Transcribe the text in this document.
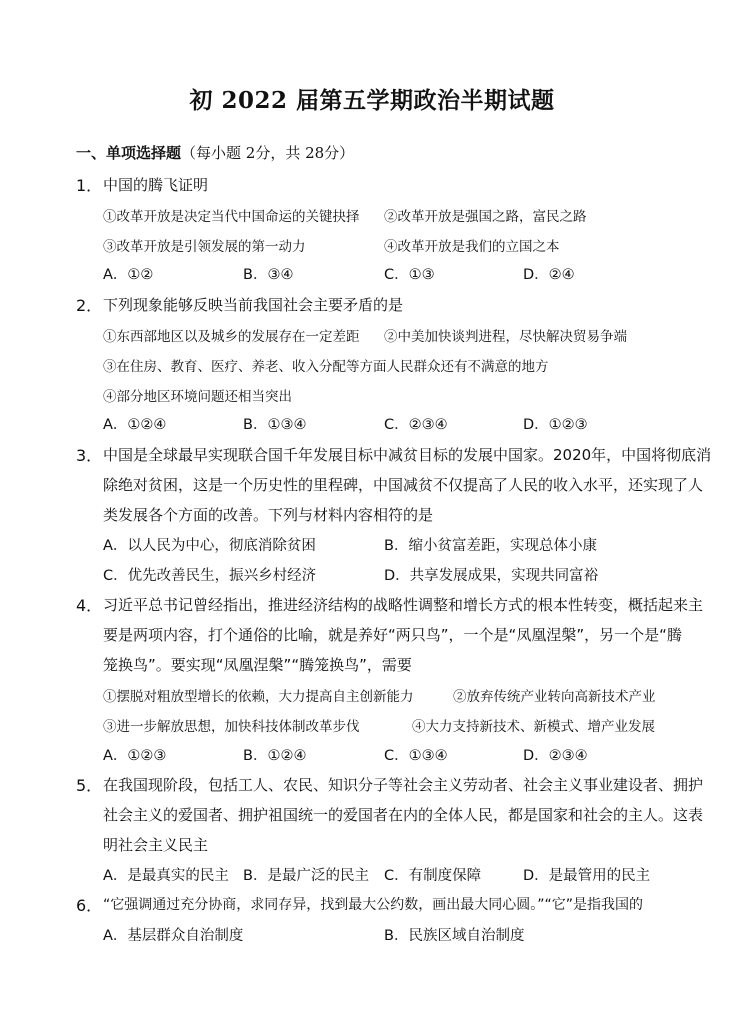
初 2022 届第五学期政治半期试题
一、单项选择题（每小题 2分，共 28分）
1． 中国的腾飞证明
①改革开放是决定当代中国命运的关键抉择 ②改革开放是强国之路，富民之路
③改革开放是引领发展的第一动力	④改革开放是我们的立国之本
A．①②	B．③④	C．①③	D．②④
2． 下列现象能够反映当前我国社会主要矛盾的是
①东西部地区以及城乡的发展存在一定差距 ②中美加快谈判进程，尽快解决贸易争端
③在住房、教育、医疗、养老、收入分配等方面人民群众还有不满意的地方
④部分地区环境问题还相当突出
A．①②④	B．①③④	C．②③④	D．①②③
3． 中国是全球最早实现联合国千年发展目标中减贫目标的发展中国家。2020年，中国将彻底消
除绝对贫困，这是一个历史性的里程碑，中国减贫不仅提高了人民的收入水平，还实现了人
类发展各个方面的改善。下列与材料内容相符的是
A．以人民为中心，彻底消除贫困	B．缩小贫富差距，实现总体小康
C．优先改善民生，振兴乡村经济	D．共享发展成果，实现共同富裕
4． 习近平总书记曾经指出，推进经济结构的战略性调整和增长方式的根本性转变，概括起来主
要是两项内容，打个通俗的比喻，就是养好“两只鸟”，一个是“凤凰涅槃”，另一个是“腾
笼换鸟”。要实现“凤凰涅槃”“腾笼换鸟”，需要
①摆脱对粗放型增长的依赖，大力提高自主创新能力	②放弃传统产业转向高新技术产业
③进一步解放思想，加快科技体制改革步伐	④大力支持新技术、新模式、增产业发展
A．①②③	B．①②④	C．①③④	D．②③④
5． 在我国现阶段，包括工人、农民、知识分子等社会主义劳动者、社会主义事业建设者、拥护
社会主义的爱国者、拥护祖国统一的爱国者在内的全体人民，都是国家和社会的主人。这表
明社会主义民主
A．是最真实的民主 B．是最广泛的民主 C．有制度保障	D．是最管用的民主
6． “它强调通过充分协商，求同存异，找到最大公约数，画出最大同心圆。”“它”是指我国的
A．基层群众自治制度	B．民族区域自治制度
